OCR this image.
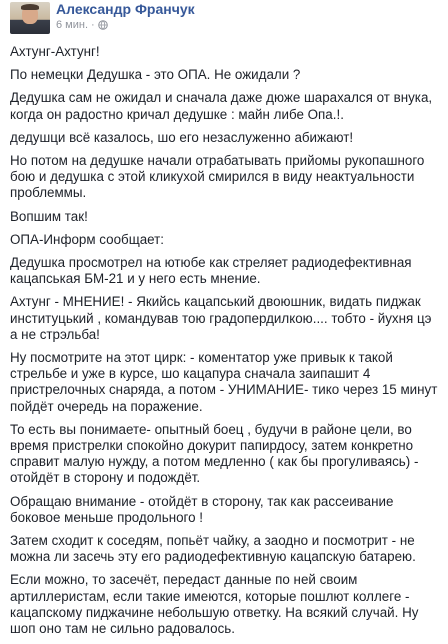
Александр Франчук
6 мин. ·

Ахтунг-Ахтунг!

По немецки Дедушка - это ОПА. Не ожидали ?

Дедушка сам не ожидал и сначала даже дюже шарахался от внука, когда он радостно кричал дедушке : майн либе Опа.!.

дедушци всё казалось, шо его незаслуженно абижают!

Но потом на дедушке начали отрабатывать прийомы рукопашного бою и дедушка с этой кликухой смирился в виду неактуальности проблеммы.

Вопшим так!

ОПА-Информ сообщает:

Дедушка просмотрел на ютюбе как стреляет радиодефективная кацапськая БМ-21 и у него есть мнение.

Ахтунг - МНЕНИЕ! - Якийсь кацапський двоюшник, видать пиджак институцький , командував тою градопердилкою.... тобто - йухня цэ а не стрэльба!

Ну посмотрите на этот цирк: - коментатор уже привык к такой стрельбе и уже в курсе, шо кацапура сначала заипашит 4 пристрелочных снаряда, а потом - УНИМАНИЕ- тико через 15 минут пойдёт очередь на поражение.

То есть вы понимаете- опытный боец , будучи в районе цели, во время пристрелки спокойно докурит папирдосу, затем конкретно справит малую нужду, а потом медленно ( как бы прогуливаясь) - отойдёт в сторону и подождёт.

Обращаю внимание - отойдёт в сторону, так как рассеивание боковое меньше продольного !

Затем сходит к соседям, попьёт чайку, а заодно и посмотрит - не можна ли засечь эту его радиодефективную кацапскую батарею.

Если можно, то засечёт, передаст данные по ней своим артиллеристам, если такие имеются, которые пошлют коллеге - кацапскому пиджачине небольшую ответку. На всякий случай. Ну шоп оно там не сильно радовалось.
